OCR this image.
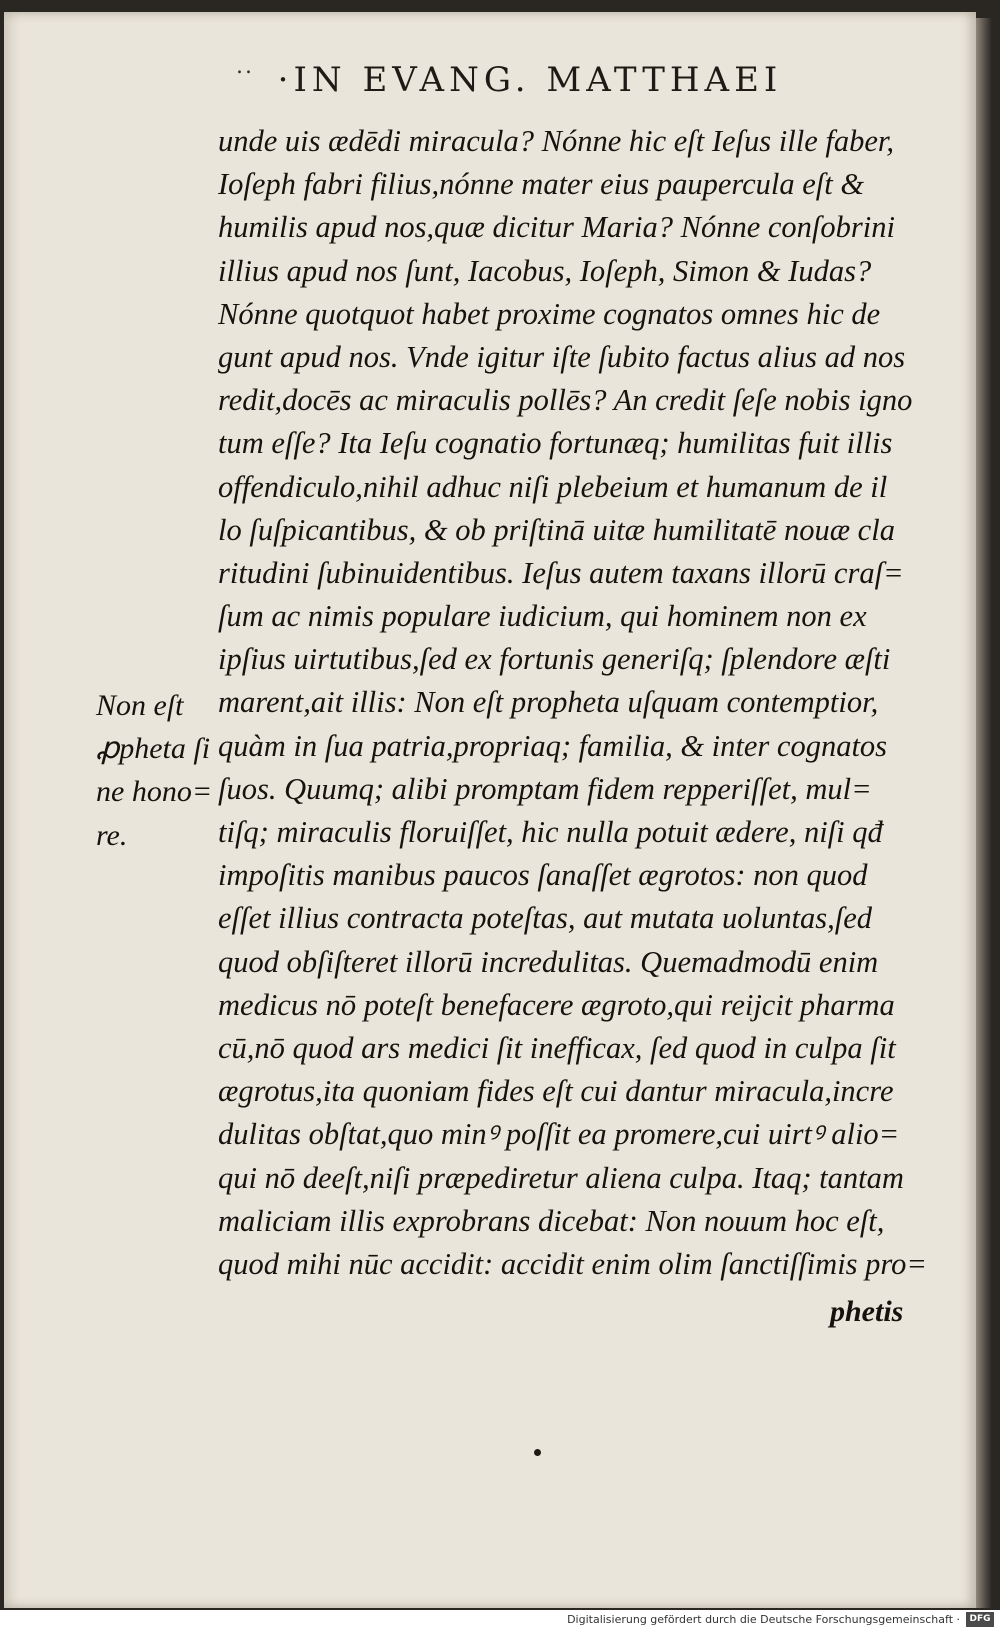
.. ·IN EVANG. MATTHAEI
Non eſt
ꝓpheta ſi
ne hono=
re.
unde uis ædēdi miracula? Nónne hic eſt Ieſus ille faber,
Ioſeph fabri filius,nónne mater eius paupercula eſt &
humilis apud nos,quæ dicitur Maria? Nónne conſobrini
illius apud nos ſunt, Iacobus, Ioſeph, Simon & Iudas?
Nónne quotquot habet proxime cognatos omnes hic de
gunt apud nos. Vnde igitur iſte ſubito factus alius ad nos
redit,docēs ac miraculis pollēs? An credit ſeſe nobis igno
tum eſſe? Ita Ieſu cognatio fortunæq; humilitas fuit illis
offendiculo,nihil adhuc niſi plebeium et humanum de il
lo ſuſpicantibus, & ob priſtinā uitæ humilitatē nouæ cla
ritudini ſubinuidentibus. Ieſus autem taxans illorū craſ=
ſum ac nimis populare iudicium, qui hominem non ex
ipſius uirtutibus,ſed ex fortunis generiſq; ſplendore æſti
marent,ait illis: Non eſt propheta uſquam contemptior,
quàm in ſua patria,propriaq; familia, & inter cognatos
ſuos. Quumq; alibi promptam fidem repperiſſet, mul=
tiſq; miraculis floruiſſet, hic nulla potuit ædere, niſi qđ
impoſitis manibus paucos ſanaſſet ægrotos: non quod
eſſet illius contracta poteſtas, aut mutata uoluntas,ſed
quod obſiſteret illorū incredulitas. Quemadmodū enim
medicus nō poteſt benefacere ægroto,qui reijcit pharma
cū,nō quod ars medici ſit inefficax, ſed quod in culpa ſit
ægrotus,ita quoniam fides eſt cui dantur miracula,incre
dulitas obſtat,quo minꝰ poſſit ea promere,cui uirtꝰ alio=
qui nō deeſt,niſi præpediretur aliena culpa. Itaq; tantam
maliciam illis exprobrans dicebat: Non nouum hoc eſt,
quod mihi nūc accidit: accidit enim olim ſanctiſſimis pro=
phetis
Digitalisierung gefördert durch die Deutsche Forschungsgemeinschaft ·	DFG
